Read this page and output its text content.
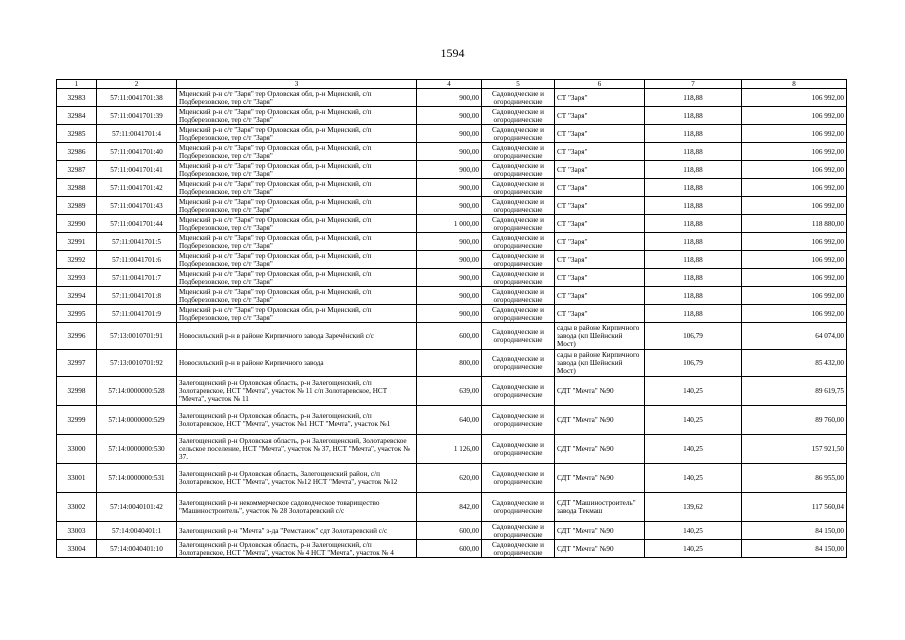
1594
1	2	3	4	5	6	7	8
32983	57:11:0041701:38	Мценский р-н с/т "Заря" тер Орловская обл, р-н Мценский, с/п Подберезовское, тер с/т "Заря"	900,00	Садоводческие и огороднические	СТ "Заря"	118,88	106 992,00
32984	57:11:0041701:39	Мценский р-н с/т "Заря" тер Орловская обл, р-н Мценский, с/п Подберезовское, тер с/т "Заря"	900,00	Садоводческие и огороднические	СТ "Заря"	118,88	106 992,00
32985	57:11:0041701:4	Мценский р-н с/т "Заря" тер Орловская обл, р-н Мценский, с/п Подберезовское, тер с/т "Заря"	900,00	Садоводческие и огороднические	СТ "Заря"	118,88	106 992,00
32986	57:11:0041701:40	Мценский р-н с/т "Заря" тер Орловская обл, р-н Мценский, с/п Подберезовское, тер с/т "Заря"	900,00	Садоводческие и огороднические	СТ "Заря"	118,88	106 992,00
32987	57:11:0041701:41	Мценский р-н с/т "Заря" тер Орловская обл, р-н Мценский, с/п Подберезовское, тер с/т "Заря"	900,00	Садоводческие и огороднические	СТ "Заря"	118,88	106 992,00
32988	57:11:0041701:42	Мценский р-н с/т "Заря" тер Орловская обл, р-н Мценский, с/п Подберезовское, тер с/т "Заря"	900,00	Садоводческие и огороднические	СТ "Заря"	118,88	106 992,00
32989	57:11:0041701:43	Мценский р-н с/т "Заря" тер Орловская обл, р-н Мценский, с/п Подберезовское, тер с/т "Заря"	900,00	Садоводческие и огороднические	СТ "Заря"	118,88	106 992,00
32990	57:11:0041701:44	Мценский р-н с/т "Заря" тер Орловская обл, р-н Мценский, с/п Подберезовское, тер с/т "Заря"	1 000,00	Садоводческие и огороднические	СТ "Заря"	118,88	118 880,00
32991	57:11:0041701:5	Мценский р-н с/т "Заря" тер Орловская обл, р-н Мценский, с/п Подберезовское, тер с/т "Заря"	900,00	Садоводческие и огороднические	СТ "Заря"	118,88	106 992,00
32992	57:11:0041701:6	Мценский р-н с/т "Заря" тер Орловская обл, р-н Мценский, с/п Подберезовское, тер с/т "Заря"	900,00	Садоводческие и огороднические	СТ "Заря"	118,88	106 992,00
32993	57:11:0041701:7	Мценский р-н с/т "Заря" тер Орловская обл, р-н Мценский, с/п Подберезовское, тер с/т "Заря"	900,00	Садоводческие и огороднические	СТ "Заря"	118,88	106 992,00
32994	57:11:0041701:8	Мценский р-н с/т "Заря" тер Орловская обл, р-н Мценский, с/п Подберезовское, тер с/т "Заря"	900,00	Садоводческие и огороднические	СТ "Заря"	118,88	106 992,00
32995	57:11:0041701:9	Мценский р-н с/т "Заря" тер Орловская обл, р-н Мценский, с/п Подберезовское, тер с/т "Заря"	900,00	Садоводческие и огороднические	СТ "Заря"	118,88	106 992,00
32996	57:13:0010701:91	Новосильский р-н в районе Кирпичного завода Заречёнский с/с	600,00	Садоводческие и огороднические	сады в районе Кирпичного завода (кп Шейнский Мост)	106,79	64 074,00
32997	57:13:0010701:92	Новосильский р-н в районе Кирпичного завода	800,00	Садоводческие и огороднические	сады в районе Кирпичного завода (кп Шейнский Мост)	106,79	85 432,00
32998	57:14:0000000:528	Залегощенский р-н Орловская область, р-н Залегощенский, с/п Золотаревское, НСТ "Мечта", участок № 11 с/п Золотаревское, НСТ "Мечта", участок № 11	639,00	Садоводческие и огороднические	СДТ "Мечта" №90	140,25	89 619,75
32999	57:14:0000000:529	Залегощенский р-н Орловская область, р-н Залегощенский, с/п Золотаревское, НСТ "Мечта", участок №1 НСТ "Мечта", участок №1	640,00	Садоводческие и огороднические	СДТ "Мечта" №90	140,25	89 760,00
33000	57:14:0000000:530	Залегощенский р-н Орловская область, р-н Залегощенский, Золотаревское сельское поселение, НСТ "Мечта", участок № 37, НСТ "Мечта", участок № 37.	1 126,00	Садоводческие и огороднические	СДТ "Мечта" №90	140,25	157 921,50
33001	57:14:0000000:531	Залегощенский р-н Орловская область, Залегощенский район, с/п Золотаревское, НСТ "Мечта", участок №12 НСТ "Мечта", участок №12	620,00	Садоводческие и огороднические	СДТ "Мечта" №90	140,25	86 955,00
33002	57:14:0040101:42	Залегощенский р-н некоммерческое садоводческое товарищество "Машиностроитель", участок № 28 Золотаревский с/с	842,00	Садоводческие и огороднические	СДТ "Машиностроитель" завода Текмаш	139,62	117 560,04
33003	57:14:0040401:1	Залегощенский р-н "Мечта" з-да "Ремстанок" сдт Золотаревский с/с	600,00	Садоводческие и огороднические	СДТ "Мечта" №90	140,25	84 150,00
33004	57:14:0040401:10	Залегощенский р-н Орловская область, р-н Залегощенский, с/п Золотаревское, НСТ "Мечта", участок № 4 НСТ "Мечта", участок № 4	600,00	Садоводческие и огороднические	СДТ "Мечта" №90	140,25	84 150,00
